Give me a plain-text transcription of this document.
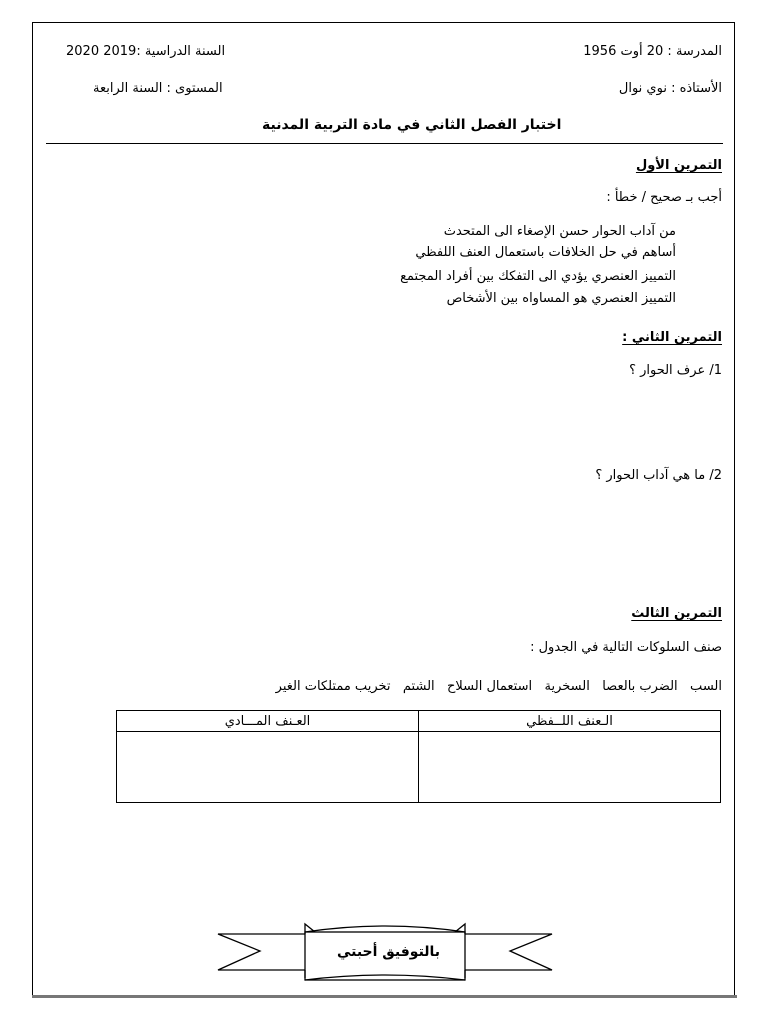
المدرسة : 20 أوت 1956
السنة الدراسية :2019 2020
الأستاذه : نوي نوال
المستوى : السنة الرابعة
اختبار الفصل الثاني في مادة التربية المدنية
التمرين الأول
أجب بـ صحيح / خطأ :
من آداب الحوار حسن الإصغاء الى المتحدث
أساهم في حل الخلافات باستعمال العنف اللفظي
التمييز العنصري يؤدي الى التفكك بين أفراد المجتمع
التمييز العنصري هو المساواه بين الأشخاص
التمرين الثاني :
1/ عرف الحوار ؟
2/ ما هي آداب الحوار ؟
التمرين الثالث
صنف السلوكات التالية في الجدول :
السب   الضرب بالعصا   السخرية   استعمال السلاح   الشتم   تخريب ممتلكات الغير
الـعنف اللــفظي	العـنف المـــادي

بالتوفيق أحبتي
